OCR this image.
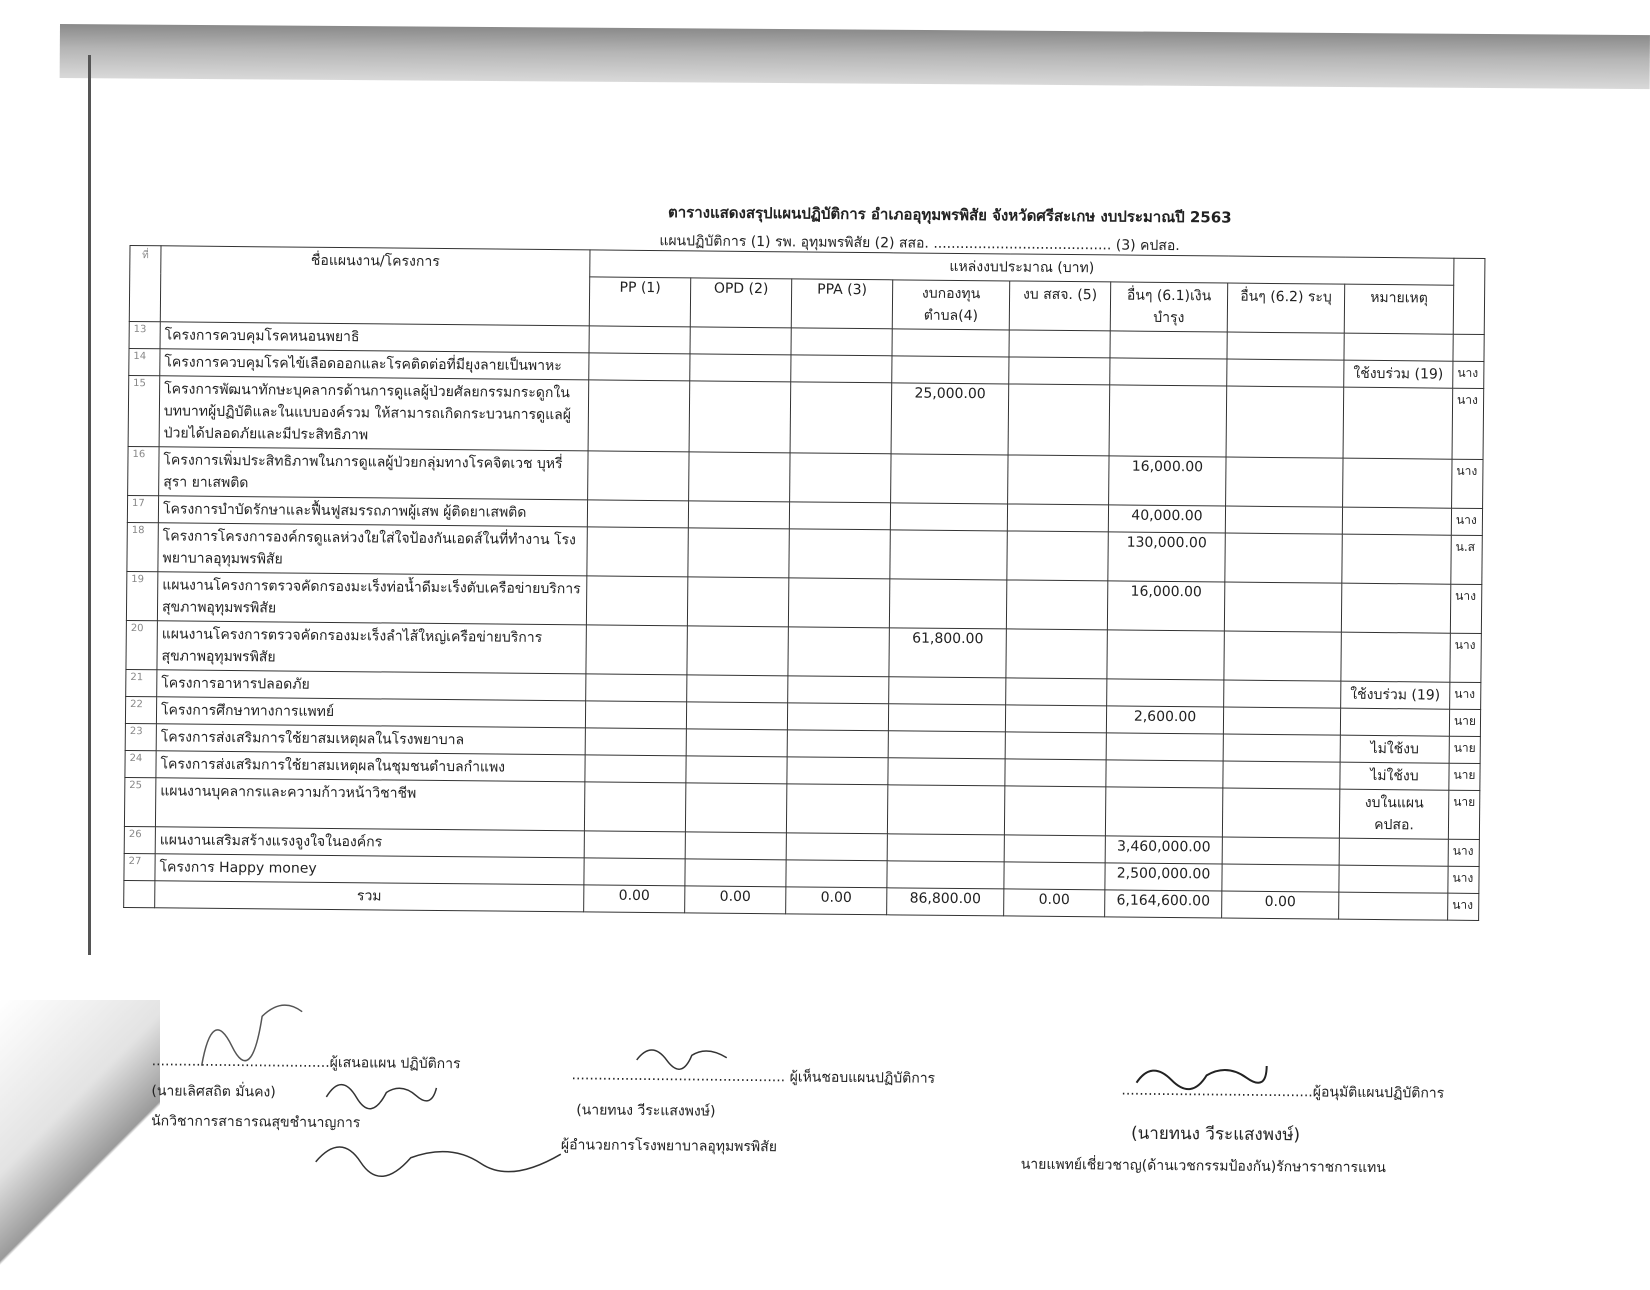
ตารางแสดงสรุปแผนปฏิบัติการ อำเภออุทุมพรพิสัย จังหวัดศรีสะเกษ งบประมาณปี 2563
แผนปฏิบัติการ (1) รพ. อุทุมพรพิสัย (2) สสอ. ........................................ (3) คปสอ.
ที่	ชื่อแผนงาน/โครงการ	แหล่งงบประมาณ (บาท)								
		PP (1)	OPD (2)	PPA (3)	งบกองทุนตำบล(4)	งบ สสจ. (5)	อื่นๆ (6.1)เงินบำรุง	อื่นๆ (6.2) ระบุ	หมายเหตุ	
13	โครงการควบคุมโรคหนอนพยาธิ									
14	โครงการควบคุมโรคไข้เลือดออกและโรคติดต่อที่มียุงลายเป็นพาหะ								ใช้งบร่วม (19)	นาง
15	โครงการพัฒนาทักษะบุคลากรด้านการดูแลผู้ป่วยศัลยกรรมกระดูกในบทบาทผู้ปฏิบัติและในแบบองค์รวม ให้สามารถเกิดกระบวนการดูแลผู้ป่วยได้ปลอดภัยและมีประสิทธิภาพ				25,000.00					นาง
16	โครงการเพิ่มประสิทธิภาพในการดูแลผู้ป่วยกลุ่มทางโรคจิตเวช บุหรี่ สุรา ยาเสพติด						16,000.00			นาง
17	โครงการบำบัดรักษาและฟื้นฟูสมรรถภาพผู้เสพ ผู้ติดยาเสพติด						40,000.00			นาง
18	โครงการโครงการองค์กรดูแลห่วงใยใส่ใจป้องกันเอดส์ในที่ทำงาน โรงพยาบาลอุทุมพรพิสัย						130,000.00			น.ส
19	แผนงานโครงการตรวจคัดกรองมะเร็งท่อน้ำดีมะเร็งตับเครือข่ายบริการสุขภาพอุทุมพรพิสัย						16,000.00			นาง
20	แผนงานโครงการตรวจคัดกรองมะเร็งลำไส้ใหญ่เครือข่ายบริการสุขภาพอุทุมพรพิสัย				61,800.00					นาง
21	โครงการอาหารปลอดภัย								ใช้งบร่วม (19)	นาง
22	โครงการศึกษาทางการแพทย์						2,600.00			นาย
23	โครงการส่งเสริมการใช้ยาสมเหตุผลในโรงพยาบาล								ไม่ใช้งบ	นาย
24	โครงการส่งเสริมการใช้ยาสมเหตุผลในชุมชนตำบลกำแพง								ไม่ใช้งบ	นาย
25	แผนงานบุคลากรและความก้าวหน้าวิชาชีพ								งบในแผน คปสอ.	นาย
26	แผนงานเสริมสร้างแรงจูงใจในองค์กร						3,460,000.00			นาง
27	โครงการ Happy money						2,500,000.00			นาง
	รวม	0.00	0.00	0.00	86,800.00	0.00	6,164,600.00	0.00		นาง
........................................ผู้เสนอแผน ปฏิบัติการ
(นายเลิศสถิต มั่นคง)
นักวิชาการสาธารณสุขชำนาญการ
................................................ ผู้เห็นชอบแผนปฏิบัติการ
(นายทนง วีระแสงพงษ์)
ผู้อำนวยการโรงพยาบาลอุทุมพรพิสัย
...........................................ผู้อนุมัติแผนปฏิบัติการ
(นายทนง วีระแสงพงษ์)
นายแพทย์เชี่ยวชาญ(ด้านเวชกรรมป้องกัน)รักษาราชการแทน
